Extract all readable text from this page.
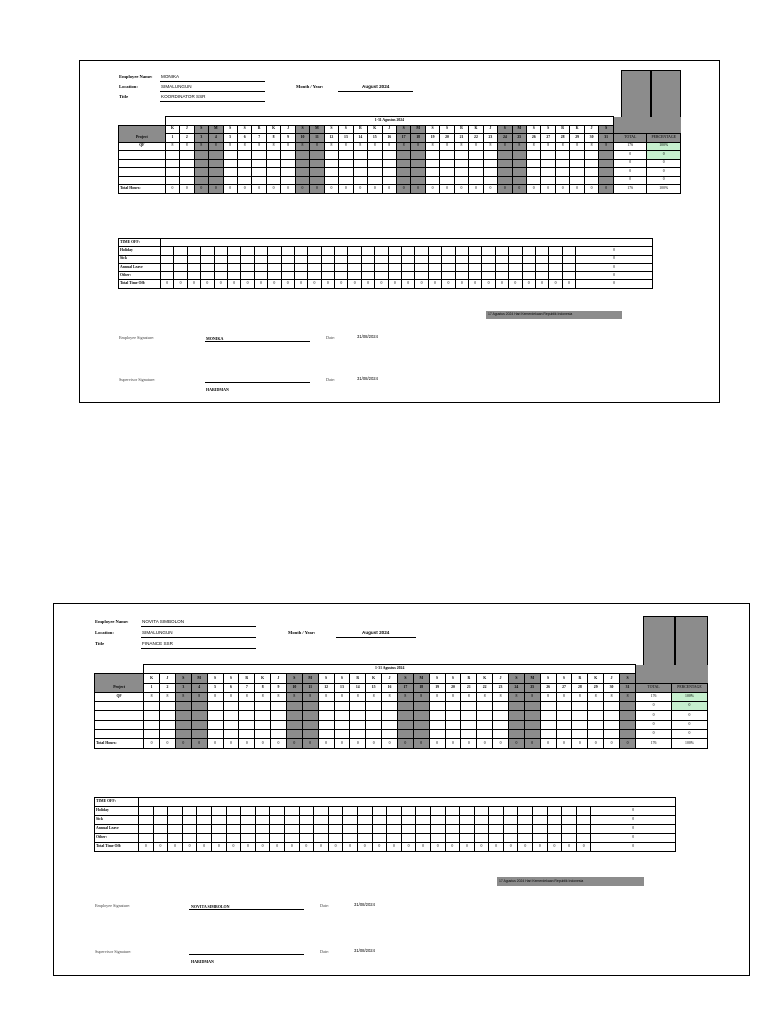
Employee Name: MONIKA
Location:	SIMALUNGUN
Title	KOORDINATOR SSR
Month / Year:	August 2024
	1-31 Agustus 2024																																
	K	J	S	M	S	S	R	K	J	S	M	S	S	R	K	J	S	M	S	S	R	K	J	S	M	S	S	R	K	J	S		
Project	1	2	3	4	5	6	7	8	9	10	11	12	13	14	15	16	17	18	19	20	21	22	23	24	25	26	27	28	29	30	31	TOTAL	PERCENTAGE
QF	8	8	8	8	8	8	8	8	8	8	8	8	8	8	8	8	8	8	8	8	8	8	8	8	8	8	8	8	8	8	8	176	100%
																																0	0
																																0	0
																																0	0
																																0	0
Total Hours:	0	0	0	0	0	0	0	0	0	0	0	0	0	0	0	0	0	0	0	0	0	0	0	0	0	0	0	0	0	0	0	176	100%
TIME OFF:																																
Holiday																																0
Sick																																0
Annual Leave																																0
Other:																																0
Total Time Off:	0	0	0	0	0	0	0	0	0	0	0	0	0	0	0	0	0	0	0	0	0	0	0	0	0	0	0	0	0	0	0	0
17 Agustus 2024 Hari Kemerdekaan Republik Indonesia
Employee Signature:	MONIKA	Date:	31/08/2024
Supervisor Signature:
HARIDMAN
Date:	31/08/2024
Employee Name:	NOVITA SIMBOLON
Location:	SIMALUNGUN
Title	FINANCE SSR
Month / Year:	August 2024
	1-31 Agustus 2024																																
	K	J	S	M	S	S	R	K	J	S	M	S	S	R	K	J	S	M	S	S	R	K	J	S	M	S	S	R	K	J	S		
Project	1	2	3	4	5	6	7	8	9	10	11	12	13	14	15	16	17	18	19	20	21	22	23	24	25	26	27	28	29	30	31	TOTAL	PERCENTAGE
QF	8	8	8	8	8	8	8	8	8	8	8	8	8	8	8	8	8	8	8	8	8	8	8	8	8	8	8	8	8	8	8	176	100%
																																0	0
																																0	0
																																0	0
																																0	0
Total Hours:	0	0	0	0	0	0	0	0	0	0	0	0	0	0	0	0	0	0	0	0	0	0	0	0	0	0	0	0	0	0	0	176	100%
TIME OFF:																																
Holiday																																0
Sick																																0
Annual Leave																																0
Other:																																0
Total Time Off:	0	0	0	0	0	0	0	0	0	0	0	0	0	0	0	0	0	0	0	0	0	0	0	0	0	0	0	0	0	0	0	0
17 Agustus 2024 Hari Kemerdekaan Republik Indonesia
Employee Signature:	NOVITA SIMBOLON	Date:	31/08/2024
Supervisor Signature:
HARIDMAN
Date:	31/08/2024
